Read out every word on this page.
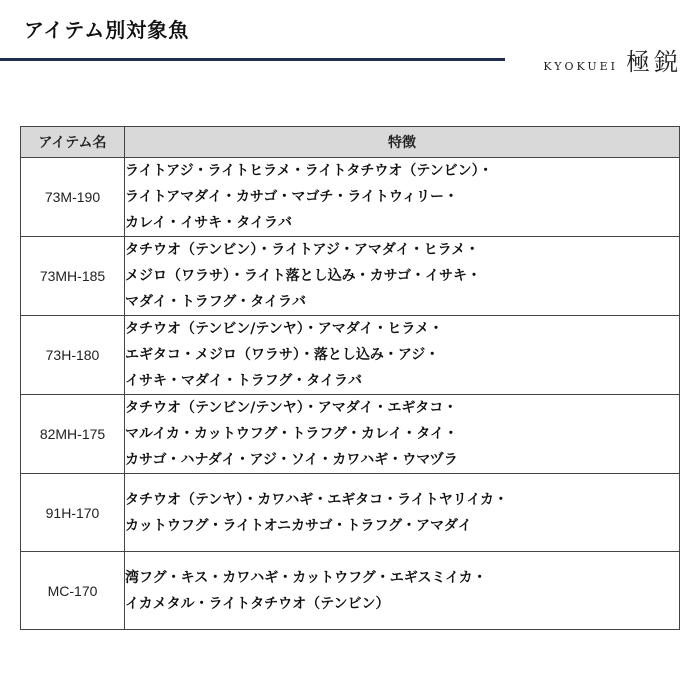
アイテム別対象魚
KYOKUEI 極鋭
アイテム名	特徴
73M-190	ライトアジ・ライトヒラメ・ライトタチウオ（テンビン）・
ライトアマダイ・カサゴ・マゴチ・ライトウィリー・
カレイ・イサキ・タイラバ

73MH-185	タチウオ（テンビン）・ライトアジ・アマダイ・ヒラメ・
メジロ（ワラサ）・ライト落とし込み・カサゴ・イサキ・
マダイ・トラフグ・タイラバ

73H-180	タチウオ（テンビン/テンヤ）・アマダイ・ヒラメ・
エギタコ・メジロ（ワラサ）・落とし込み・アジ・
イサキ・マダイ・トラフグ・タイラバ

82MH-175	タチウオ（テンビン/テンヤ）・アマダイ・エギタコ・
マルイカ・カットウフグ・トラフグ・カレイ・タイ・
カサゴ・ハナダイ・アジ・ソイ・カワハギ・ウマヅラ

91H-170	タチウオ（テンヤ）・カワハギ・エギタコ・ライトヤリイカ・
カットウフグ・ライトオニカサゴ・トラフグ・アマダイ

MC-170	湾フグ・キス・カワハギ・カットウフグ・エギスミイカ・
イカメタル・ライトタチウオ（テンビン）
